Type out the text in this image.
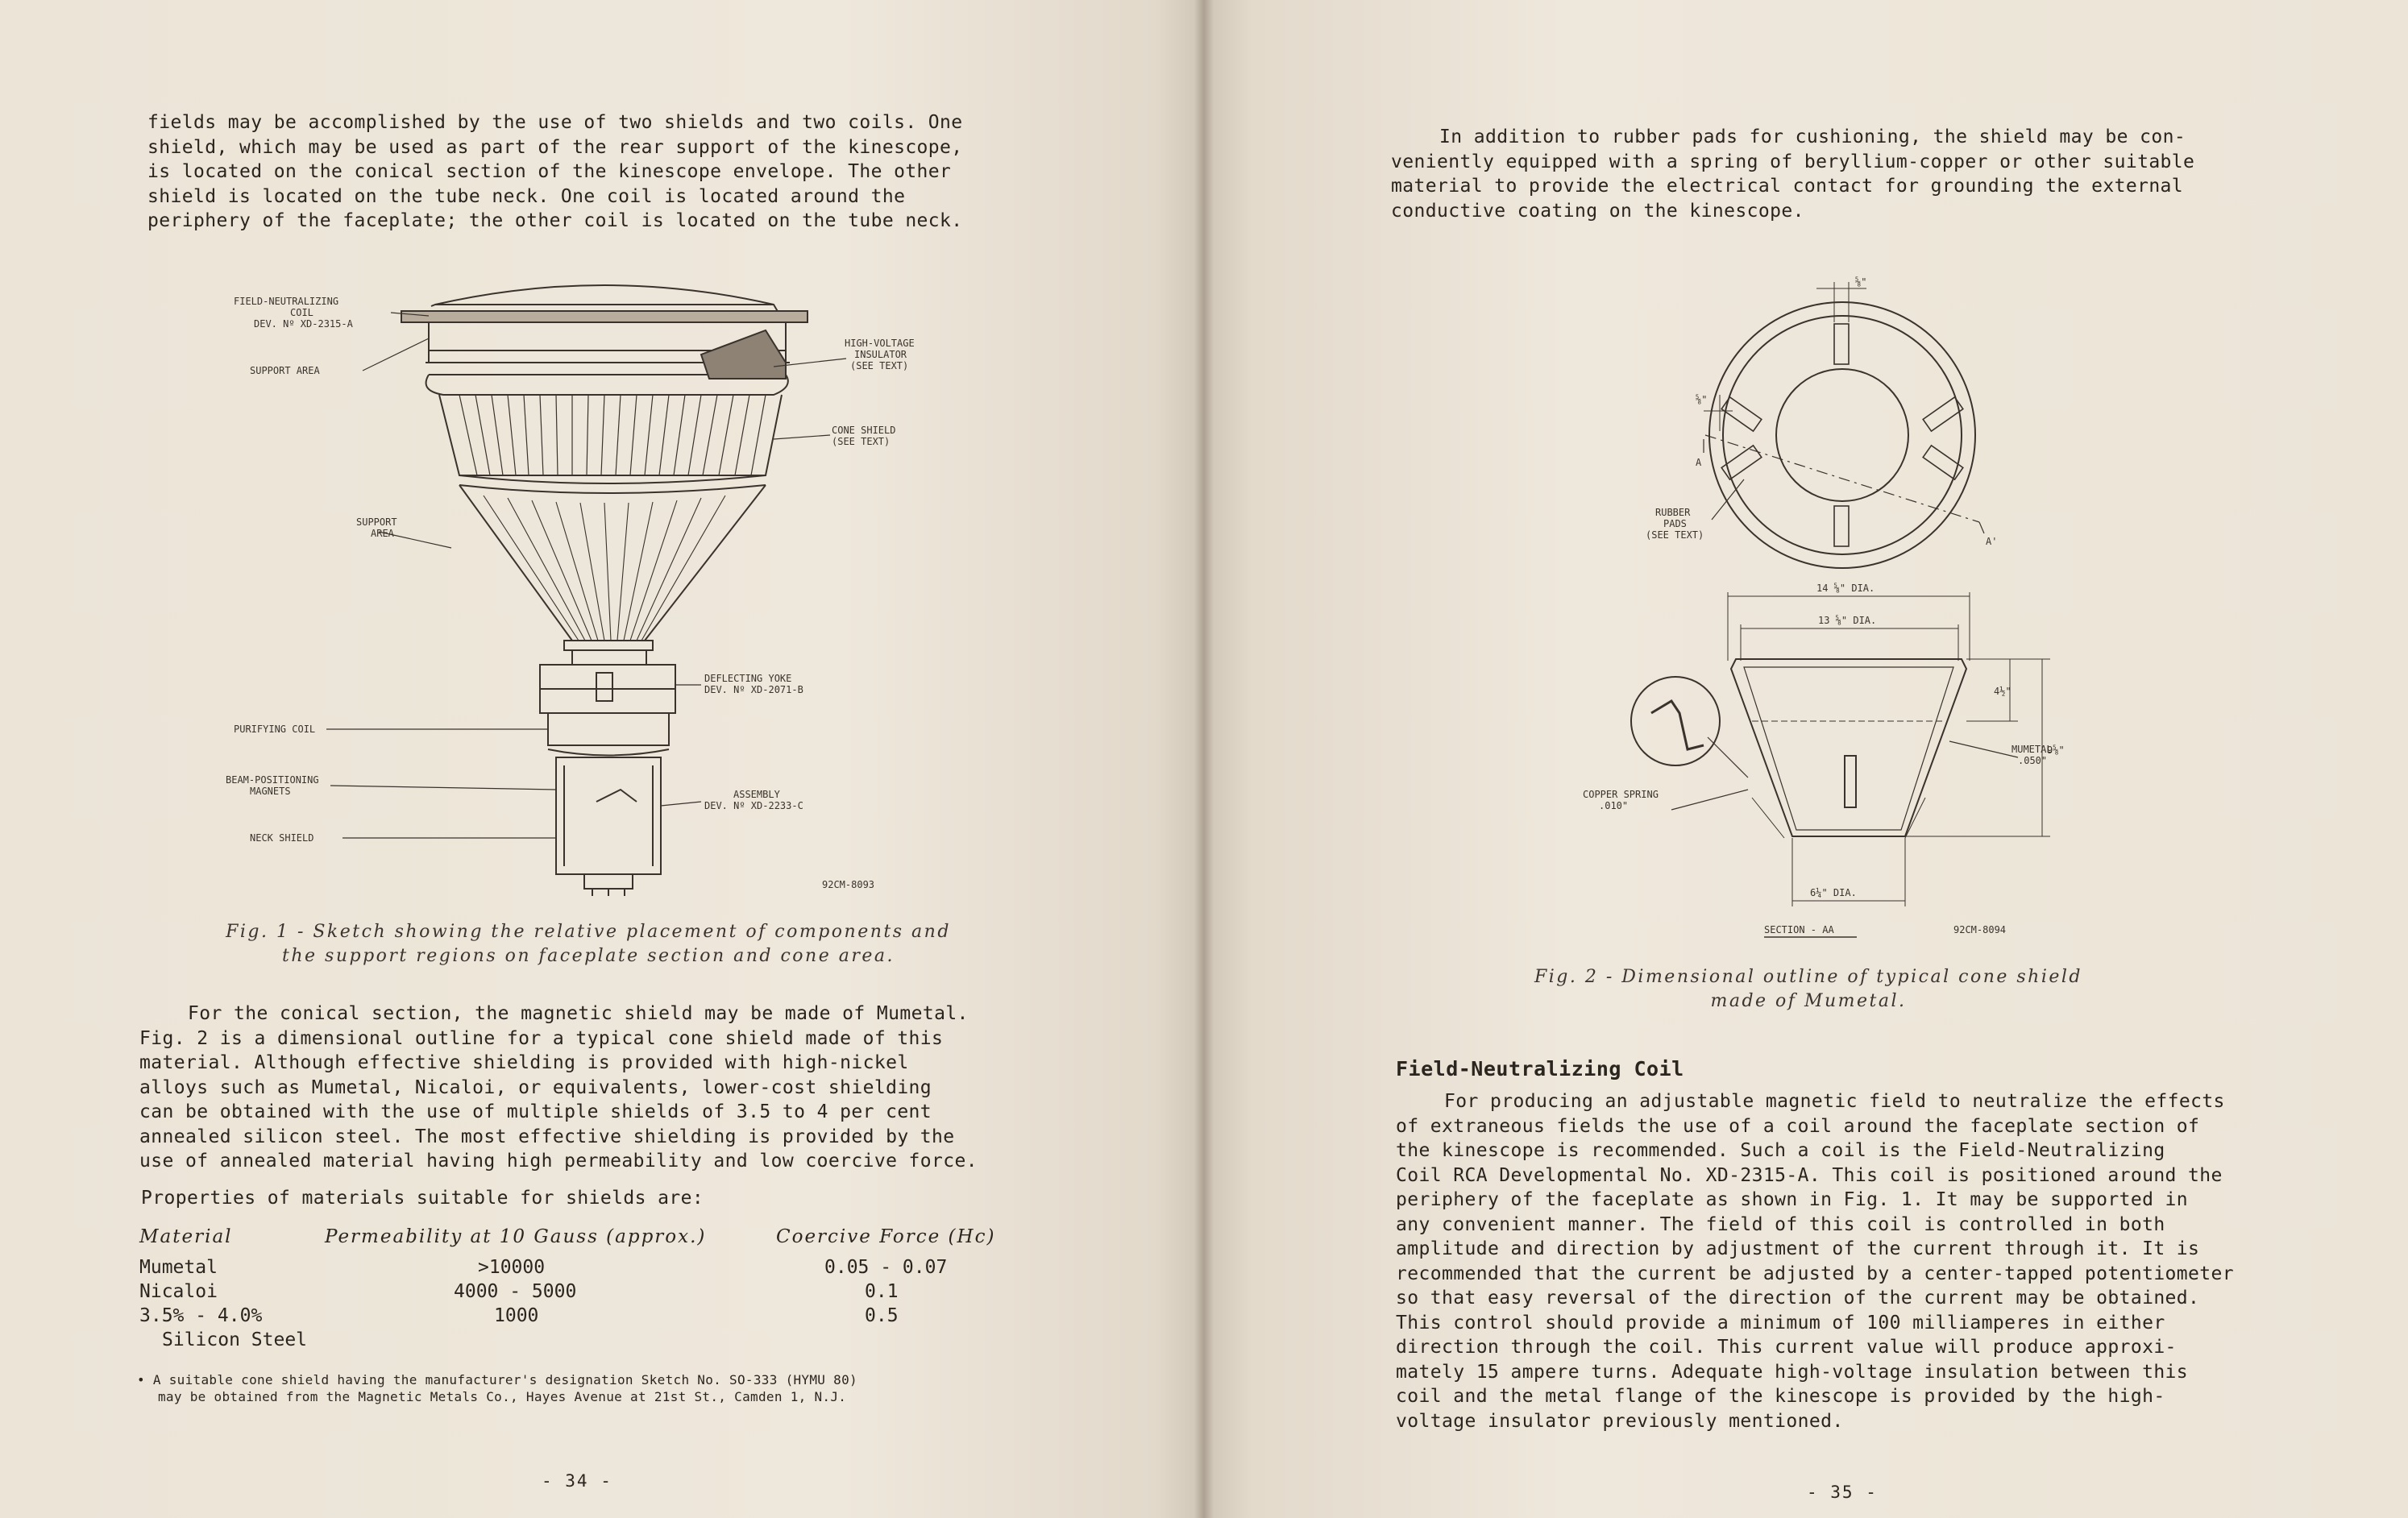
fields may be accomplished by the use of two shields and two coils. One

shield, which may be used as part of the rear support of the kinescope,

is located on the conical section of the kinescope envelope. The other

shield is located on the tube neck. One coil is located around the

periphery of the faceplate; the other coil is located on the tube neck.

FIELD-NEUTRALIZING
COIL
DEV. Nº XD-2315-A
SUPPORT AREA
HIGH-VOLTAGE
INSULATOR
(SEE TEXT)
CONE SHIELD
(SEE TEXT)
SUPPORT
AREA
DEFLECTING YOKE
DEV. Nº XD-2071-B
PURIFYING COIL
BEAM-POSITIONING
MAGNETS	ASSEMBLY
DEV. Nº XD-2233-C
NECK SHIELD
92CM-8093
Fig. 1 - Sketch showing the relative placement of components and
the support regions on faceplate section and cone area.

For the conical section, the magnetic shield may be made of Mumetal.

Fig. 2 is a dimensional outline for a typical cone shield made of this

material. Although effective shielding is provided with high-nickel

alloys such as Mumetal, Nicaloi, or equivalents, lower-cost shielding

can be obtained with the use of multiple shields of 3.5 to 4 per cent

annealed silicon steel. The most effective shielding is provided by the

use of annealed material having high permeability and low coercive force.

Properties of materials suitable for shields are:
Material	Permeability at 10 Gauss (approx.)	Coercive Force (Hc)
Mumetal	>10000	0.05 - 0.07
Nicaloi	4000 - 5000	0.1
3.5% - 4.0%	1000	0.5
Silicon Steel		
• A suitable cone shield having the manufacturer's designation Sketch No. SO-333 (HYMU 80)
may be obtained from the Magnetic Metals Co., Hayes Avenue at 21st St., Camden 1, N.J.
- 34 -

In addition to rubber pads for cushioning, the shield may be con-

veniently equipped with a spring of beryllium-copper or other suitable

material to provide the electrical contact for grounding the external

conductive coating on the kinescope.

⅝"
⅝"
A
A'
RUBBER
PADS
(SEE TEXT)
14 ⅝" DIA.
13 ⅝" DIA.
4½"
9⅝"
MUMETAL
.050"
COPPER SPRING
.010"
6¼" DIA.
SECTION - AA	92CM-8094
Fig. 2 - Dimensional outline of typical cone shield
made of Mumetal.
Field-Neutralizing Coil

For producing an adjustable magnetic field to neutralize the effects

of extraneous fields the use of a coil around the faceplate section of

the kinescope is recommended. Such a coil is the Field-Neutralizing

Coil RCA Developmental No. XD-2315-A. This coil is positioned around the

periphery of the faceplate as shown in Fig. 1. It may be supported in

any convenient manner. The field of this coil is controlled in both

amplitude and direction by adjustment of the current through it. It is

recommended that the current be adjusted by a center-tapped potentiometer

so that easy reversal of the direction of the current may be obtained.

This control should provide a minimum of 100 milliamperes in either

direction through the coil. This current value will produce approxi-

mately 15 ampere turns. Adequate high-voltage insulation between this

coil and the metal flange of the kinescope is provided by the high-

voltage insulator previously mentioned.

- 35 -
